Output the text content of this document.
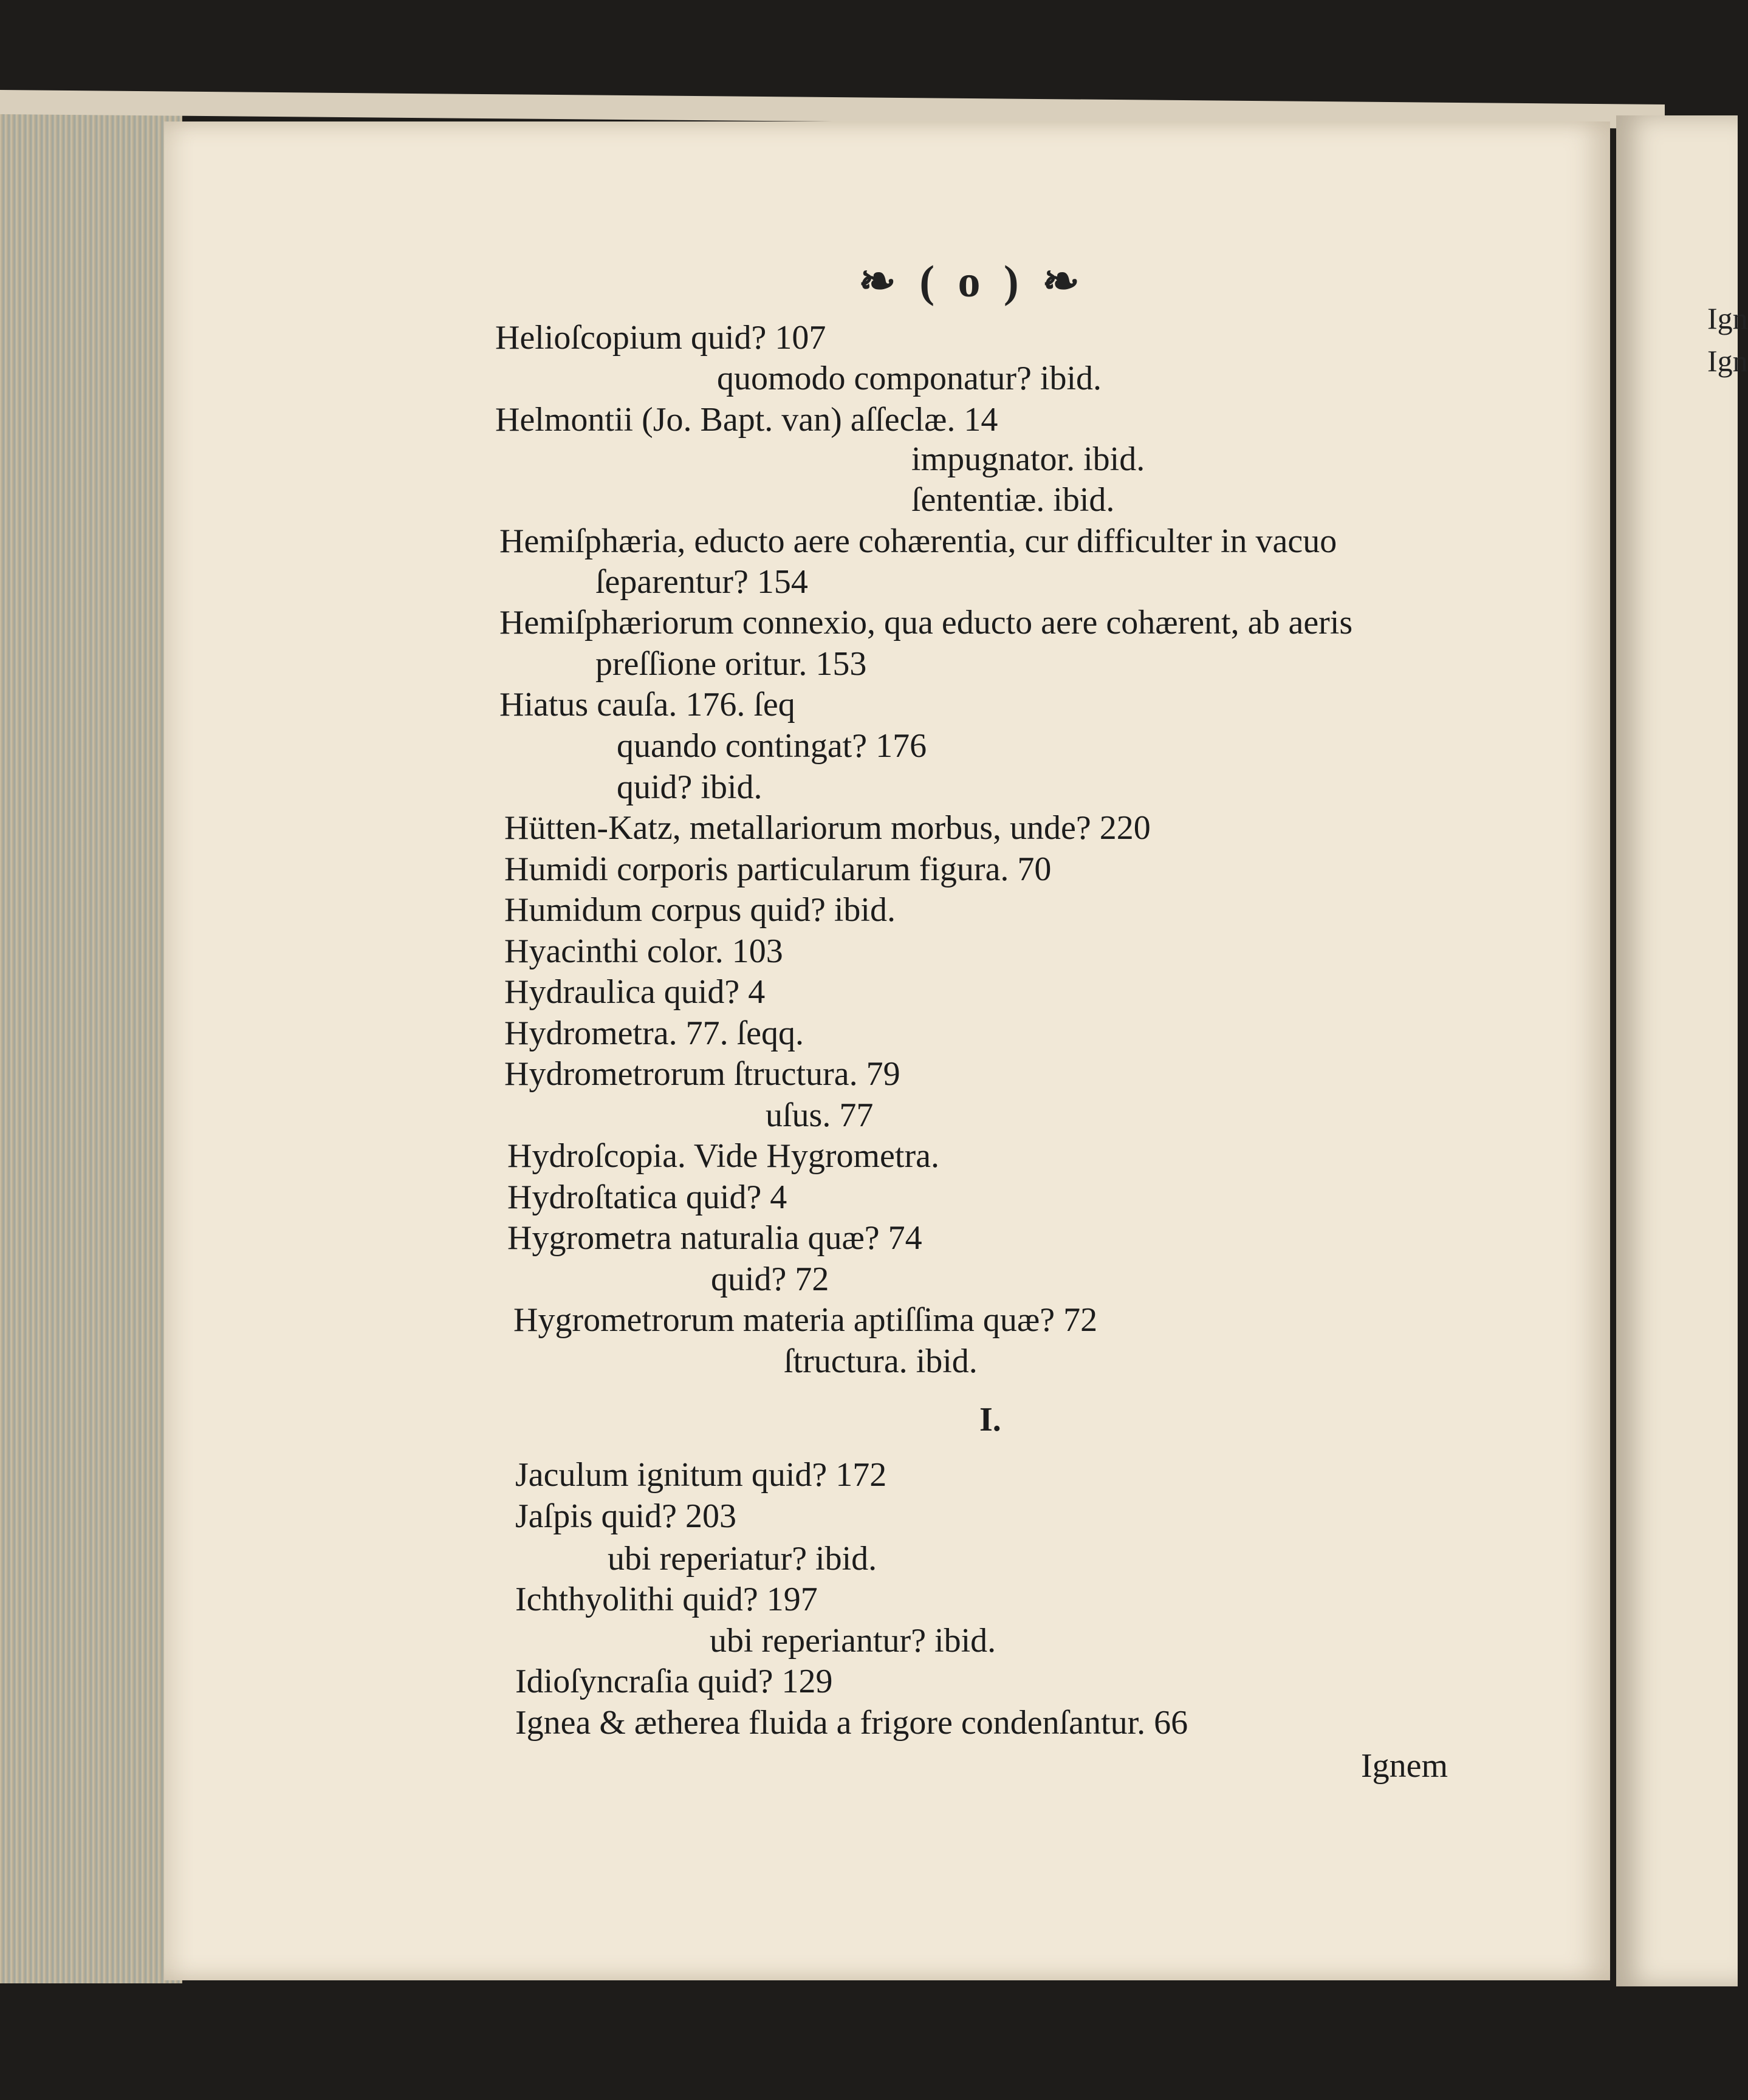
Ign
Ign
❧ ( o ) ❧
Helioſcopium quid? 107
quomodo componatur? ibid.
Helmontii (Jo. Bapt. van) aſſeclæ. 14
impugnator. ibid.
ſententiæ. ibid.
Hemiſphæria, educto aere cohærentia, cur difficulter in vacuo
ſeparentur? 154
Hemiſphæriorum connexio, qua educto aere cohærent, ab aeris
preſſione oritur. 153
Hiatus cauſa. 176. ſeq
quando contingat? 176
quid? ibid.
Hütten-Katz, metallariorum morbus, unde? 220
Humidi corporis particularum figura. 70
Humidum corpus quid? ibid.
Hyacinthi color. 103
Hydraulica quid? 4
Hydrometra. 77. ſeqq.
Hydrometrorum ſtructura. 79
uſus. 77
Hydroſcopia. Vide Hygrometra.
Hydroſtatica quid? 4
Hygrometra naturalia quæ? 74
quid? 72
Hygrometrorum materia aptiſſima quæ? 72
ſtructura. ibid.
I.
Jaculum ignitum quid? 172
Jaſpis quid? 203
ubi reperiatur? ibid.
Ichthyolithi quid? 197
ubi reperiantur? ibid.
Idioſyncraſia quid? 129
Ignea & ætherea fluida a frigore condenſantur. 66
Ignem
